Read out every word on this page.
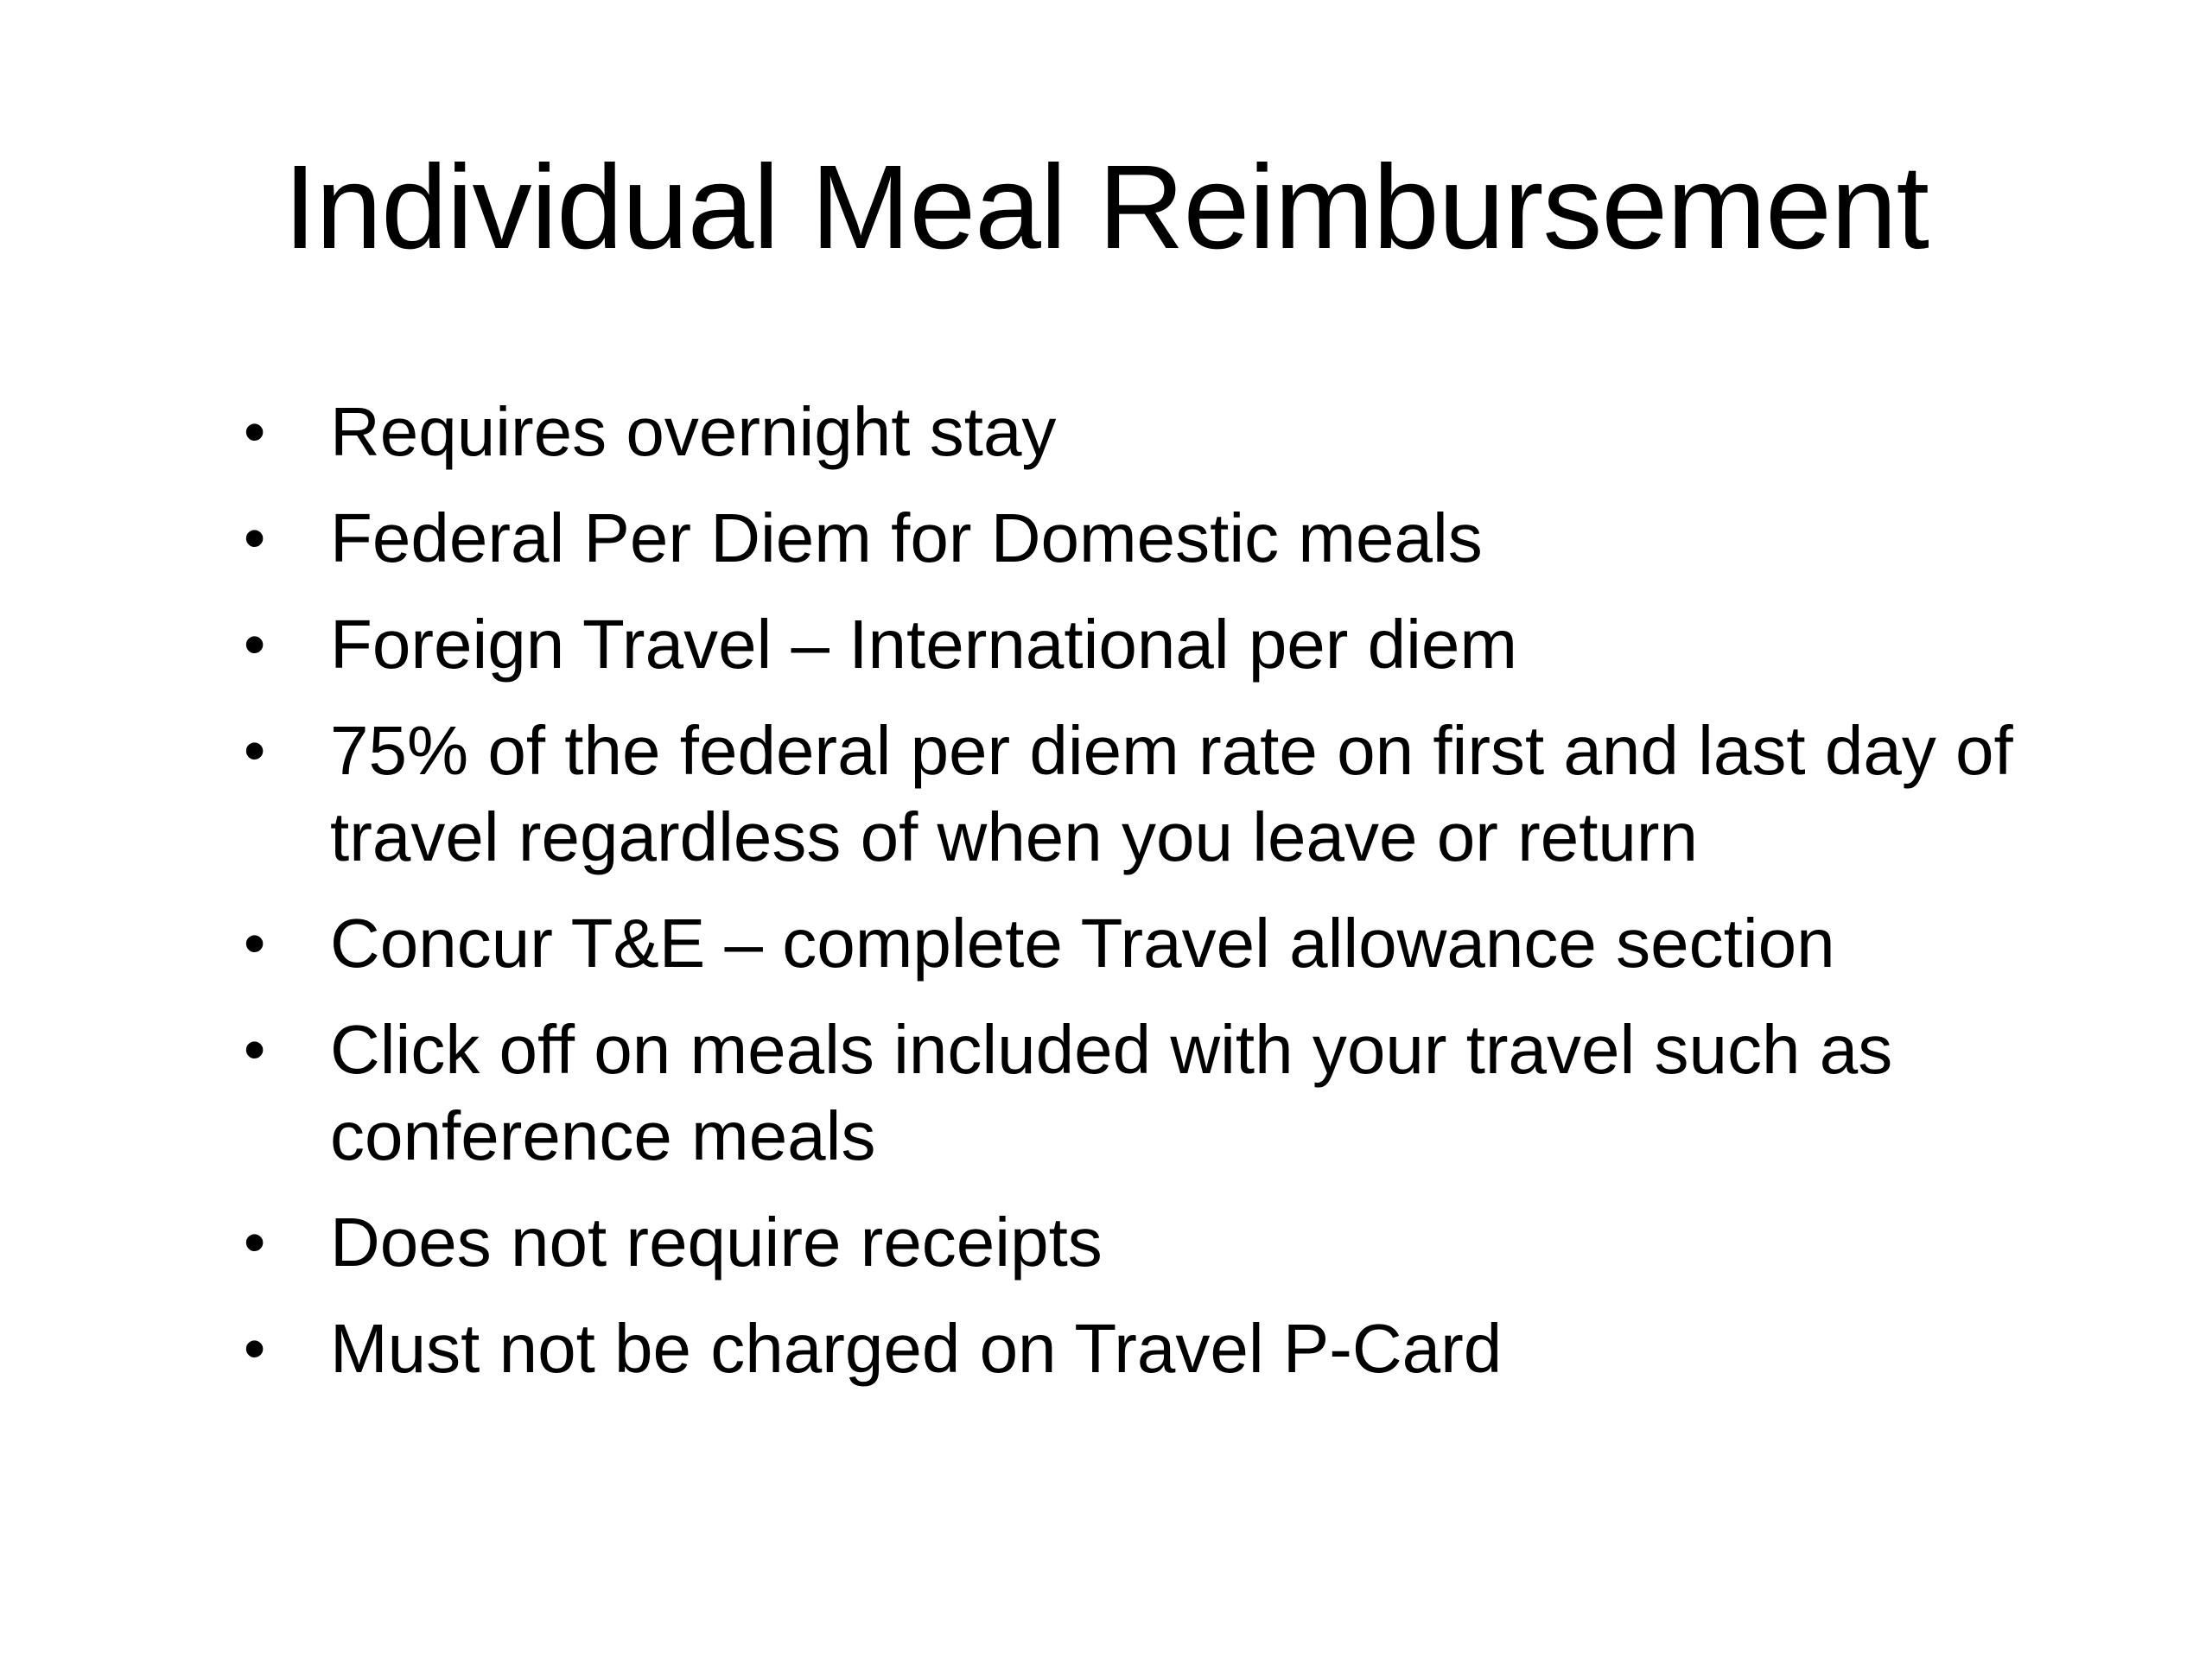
Individual Meal Reimbursement
• Requires overnight stay
• Federal Per Diem for Domestic meals
• Foreign Travel – International per diem
• 75% of the federal per diem rate on first and last day of travel regardless of when you leave or return
• Concur T&E – complete Travel allowance section
• Click off on meals included with your travel such as conference meals
• Does not require receipts
• Must not be charged on Travel P-Card
